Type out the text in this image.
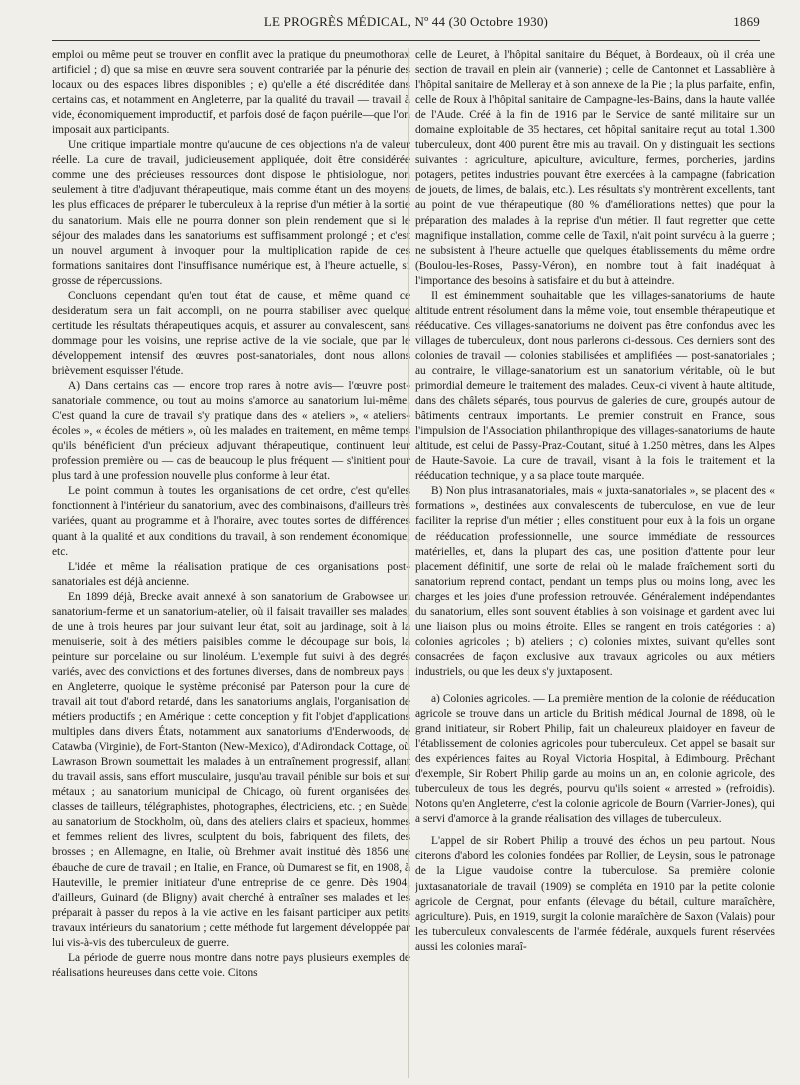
LE PROGRÈS MÉDICAL, Nº 44 (30 Octobre 1930)	1869

emploi ou même peut se trouver en conflit avec la pratique du pneumothorax artificiel ; d) que sa mise en œuvre sera souvent contrariée par la pénurie des locaux ou des espaces libres disponibles ; e) qu'elle a été discréditée dans certains cas, et notamment en Angleterre, par la qualité du travail — travail à vide, économiquement improductif, et parfois dosé de façon puérile—que l'on imposait aux participants.

Une critique impartiale montre qu'aucune de ces objections n'a de valeur réelle. La cure de travail, judicieusement appliquée, doit être considérée comme une des précieuses ressources dont dispose le phtisiologue, non seulement à titre d'adjuvant thérapeutique, mais comme étant un des moyens les plus efficaces de préparer le tuberculeux à la reprise d'un métier à la sortie du sanatorium. Mais elle ne pourra donner son plein rendement que si le séjour des malades dans les sanatoriums est suffisamment prolongé ; et c'est un nouvel argument à invoquer pour la multiplication rapide de ces formations sanitaires dont l'insuffisance numérique est, à l'heure actuelle, si grosse de répercussions.

Concluons cependant qu'en tout état de cause, et même quand ce desideratum sera un fait accompli, on ne pourra stabiliser avec quelque certitude les résultats thérapeutiques acquis, et assurer au convalescent, sans dommage pour les voisins, une reprise active de la vie sociale, que par le développement intensif des œuvres post-sanatoriales, dont nous allons brièvement esquisser l'étude.

A) Dans certains cas — encore trop rares à notre avis— l'œuvre post-sanatoriale commence, ou tout au moins s'amorce au sanatorium lui-même. C'est quand la cure de travail s'y pratique dans des « ateliers », « ateliers-écoles », « écoles de métiers », où les malades en traitement, en même temps qu'ils bénéficient d'un précieux adjuvant thérapeutique, continuent leur profession première ou — cas de beaucoup le plus fréquent — s'initient pour plus tard à une profession nouvelle plus conforme à leur état.

Le point commun à toutes les organisations de cet ordre, c'est qu'elles fonctionnent à l'intérieur du sanatorium, avec des combinaisons, d'ailleurs très variées, quant au programme et à l'horaire, avec toutes sortes de différences quant à la qualité et aux conditions du travail, à son rendement économique, etc.

L'idée et même la réalisation pratique de ces organisations post-sanatoriales est déjà ancienne.

En 1899 déjà, Brecke avait annexé à son sanatorium de Grabowsee un sanatorium-ferme et un sanatorium-atelier, où il faisait travailler ses malades, de une à trois heures par jour suivant leur état, soit au jardinage, soit à la menuiserie, soit à des métiers paisibles comme le découpage sur bois, la peinture sur porcelaine ou sur linoléum. L'exemple fut suivi à des degrés variés, avec des convictions et des fortunes diverses, dans de nombreux pays : en Angleterre, quoique le système préconisé par Paterson pour la cure de travail ait tout d'abord retardé, dans les sanatoriums anglais, l'organisation de métiers productifs ; en Amérique : cette conception y fit l'objet d'applications multiples dans divers États, notamment aux sanatoriums d'Enderwoods, de Catawba (Virginie), de Fort-Stanton (New-Mexico), d'Adirondack Cottage, où Lawrason Brown soumettait les malades à un entraînement progressif, allant du travail assis, sans effort musculaire, jusqu'au travail pénible sur bois et sur métaux ; au sanatorium municipal de Chicago, où furent organisées des classes de tailleurs, télégraphistes, photographes, électriciens, etc. ; en Suède, au sanatorium de Stockholm, où, dans des ateliers clairs et spacieux, hommes et femmes relient des livres, sculptent du bois, fabriquent des filets, des brosses ; en Allemagne, en Italie, où Brehmer avait institué dès 1856 une ébauche de cure de travail ; en Italie, en France, où Dumarest se fit, en 1908, à Hauteville, le premier initiateur d'une entreprise de ce genre. Dès 1904, d'ailleurs, Guinard (de Bligny) avait cherché à entraîner ses malades et les préparait à passer du repos à la vie active en les faisant participer aux petits travaux intérieurs du sanatorium ; cette méthode fut largement développée par lui vis-à-vis des tuberculeux de guerre.

La période de guerre nous montre dans notre pays plusieurs exemples de réalisations heureuses dans cette voie. Citons

celle de Leuret, à l'hôpital sanitaire du Béquet, à Bordeaux, où il créa une section de travail en plein air (vannerie) ; celle de Cantonnet et Lassablière à l'hôpital sanitaire de Melleray et à son annexe de la Pie ; la plus parfaite, enfin, celle de Roux à l'hôpital sanitaire de Campagne-les-Bains, dans la haute vallée de l'Aude. Créé à la fin de 1916 par le Service de santé militaire sur un domaine exploitable de 35 hectares, cet hôpital sanitaire reçut au total 1.300 tuberculeux, dont 400 purent être mis au travail. On y distinguait les sections suivantes : agriculture, apiculture, aviculture, fermes, porcheries, jardins potagers, petites industries pouvant être exercées à la campagne (fabrication de jouets, de limes, de balais, etc.). Les résultats s'y montrèrent excellents, tant au point de vue thérapeutique (80 % d'améliorations nettes) que pour la préparation des malades à la reprise d'un métier. Il faut regretter que cette magnifique installation, comme celle de Taxil, n'ait point survécu à la guerre ; ne subsistent à l'heure actuelle que quelques établissements du même ordre (Boulou-les-Roses, Passy-Véron), en nombre tout à fait inadéquat à l'importance des besoins à satisfaire et du but à atteindre.

Il est éminemment souhaitable que les villages-sanatoriums de haute altitude entrent résolument dans la même voie, tout ensemble thérapeutique et rééducative. Ces villages-sanatoriums ne doivent pas être confondus avec les villages de tuberculeux, dont nous parlerons ci-dessous. Ces derniers sont des colonies de travail — colonies stabilisées et amplifiées — post-sanatoriales ; au contraire, le village-sanatorium est un sanatorium véritable, où le but primordial demeure le traitement des malades. Ceux-ci vivent à haute altitude, dans des châlets séparés, tous pourvus de galeries de cure, groupés autour de bâtiments centraux importants. Le premier construit en France, sous l'impulsion de l'Association philanthropique des villages-sanatoriums de haute altitude, est celui de Passy-Praz-Coutant, situé à 1.250 mètres, dans les Alpes de Haute-Savoie. La cure de travail, visant à la fois le traitement et la rééducation technique, y a sa place toute marquée.

B) Non plus intrasanatoriales, mais « juxta-sanatoriales », se placent des « formations », destinées aux convalescents de tuberculose, en vue de leur faciliter la reprise d'un métier ; elles constituent pour eux à la fois un organe de rééducation professionnelle, une source immédiate de ressources matérielles, et, dans la plupart des cas, une position d'attente pour leur placement définitif, une sorte de relai où le malade fraîchement sorti du sanatorium reprend contact, pendant un temps plus ou moins long, avec les charges et les joies d'une profession retrouvée. Généralement indépendantes du sanatorium, elles sont souvent établies à son voisinage et gardent avec lui une liaison plus ou moins étroite. Elles se rangent en trois catégories : a) colonies agricoles ; b) ateliers ; c) colonies mixtes, suivant qu'elles sont consacrées de façon exclusive aux travaux agricoles ou aux métiers industriels, ou que les deux s'y juxtaposent.

a) Colonies agricoles. — La première mention de la colonie de rééducation agricole se trouve dans un article du British médical Journal de 1898, où le grand initiateur, sir Robert Philip, fait un chaleureux plaidoyer en faveur de l'établissement de colonies agricoles pour tuberculeux. Cet appel se basait sur des expériences faites au Royal Victoria Hospital, à Edimbourg. Prêchant d'exemple, Sir Robert Philip garde au moins un an, en colonie agricole, des tuberculeux de tous les degrés, pourvu qu'ils soient « arrested » (refroidis). Notons qu'en Angleterre, c'est la colonie agricole de Bourn (Varrier-Jones), qui a servi d'amorce à la grande réalisation des villages de tuberculeux.

L'appel de sir Robert Philip a trouvé des échos un peu partout. Nous citerons d'abord les colonies fondées par Rollier, de Leysin, sous le patronage de la Ligue vaudoise contre la tuberculose. Sa première colonie juxtasanatoriale de travail (1909) se compléta en 1910 par la petite colonie agricole de Cergnat, pour enfants (élevage du bétail, culture maraîchère, agriculture). Puis, en 1919, surgit la colonie maraîchère de Saxon (Valais) pour les tuberculeux convalescents de l'armée fédérale, auxquels furent réservées aussi les colonies maraî-
